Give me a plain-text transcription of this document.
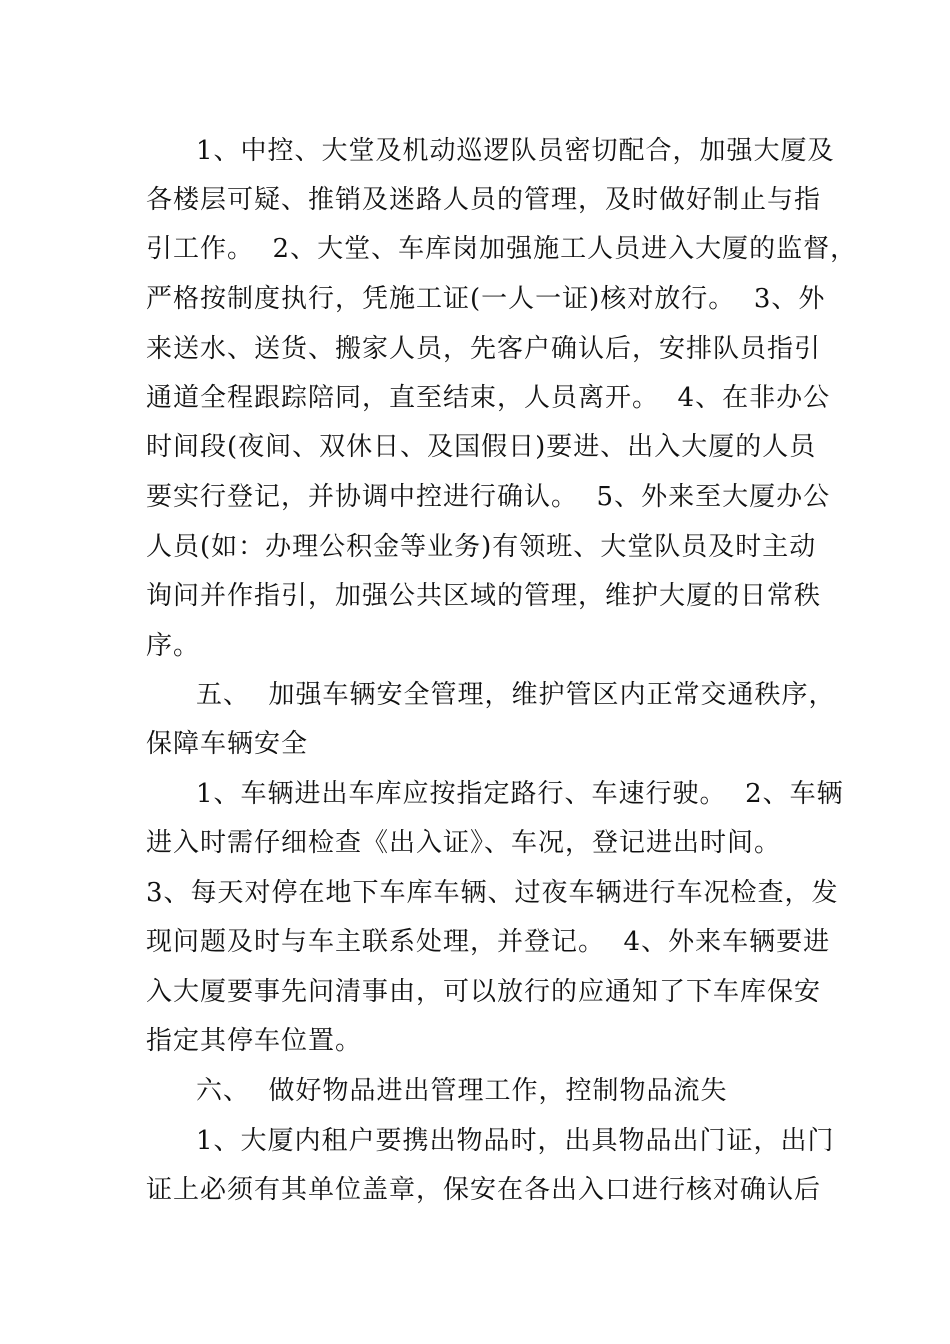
1、中控、大堂及机动巡逻队员密切配合，加强大厦及
各楼层可疑、推销及迷路人员的管理，及时做好制止与指
引工作。  2、大堂、车库岗加强施工人员进入大厦的监督，
严格按制度执行，凭施工证(一人一证)核对放行。  3、外
来送水、送货、搬家人员，先客户确认后，安排队员指引
通道全程跟踪陪同，直至结束，人员离开。  4、在非办公
时间段(夜间、双休日、及国假日)要进、出入大厦的人员
要实行登记，并协调中控进行确认。  5、外来至大厦办公
人员(如：办理公积金等业务)有领班、大堂队员及时主动
询问并作指引，加强公共区域的管理，维护大厦的日常秩
序。
五、  加强车辆安全管理，维护管区内正常交通秩序，
保障车辆安全
1、车辆进出车库应按指定路行、车速行驶。  2、车辆
进入时需仔细检查《出入证》、车况，登记进出时间。
3、每天对停在地下车库车辆、过夜车辆进行车况检查，发
现问题及时与车主联系处理，并登记。  4、外来车辆要进
入大厦要事先问清事由，可以放行的应通知了下车库保安
指定其停车位置。
六、  做好物品进出管理工作，控制物品流失
1、大厦内租户要携出物品时，出具物品出门证，出门
证上必须有其单位盖章，保安在各出入口进行核对确认后
